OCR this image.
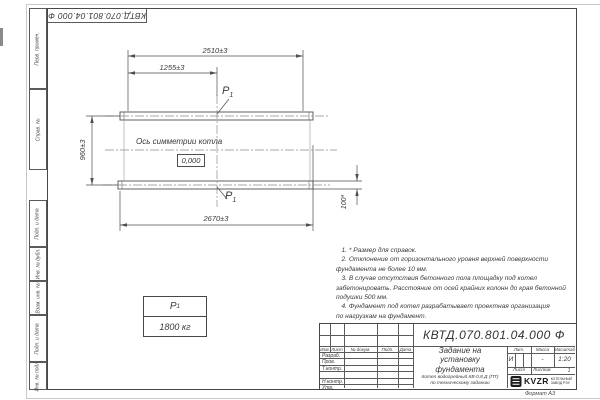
Перв. примен.
Справ. №
Подп. и дата
Инв. № дубл.
Взам. инв. №
Подп. и дата
Инв. № подл.
КВТД.070.801.04.000 Ф
2510±3
1255±3
960±3
2670±3
100*
$P_1$
$P_1$
Ось симметрии котла
0,000
1. * Размер для справок.
2. Отклонение от горизонтального уровня верхней поверхности
фундамента не более 10 мм.
3. В случае отсутствия бетонного пола площадку под котел
забетонировать. Расстояние от осей крайних колонн до края бетонной
подушки 500 мм.
4. Фундамент под котел разрабатывает проектная организация
по нагрузкам на фундамент.
P 1
1800 кг
Изм. Лист	№ докум.	Подп.	Дата
Разраб.
Пров.
Т.контр.
Н.контр.
Утв.
КВТД.070.801.04.000 Ф
Задание на
установку
фундамента
Котел водогрейный КВ-0,8 Д (ПТ)
по техническому заданию
Лит.	Масса	Масштаб
И	-	1:20
Лист	Листов	1
KVZR КОТЕЛЬНЫЙ
ЗАВОД РЭУ
Формат А3
